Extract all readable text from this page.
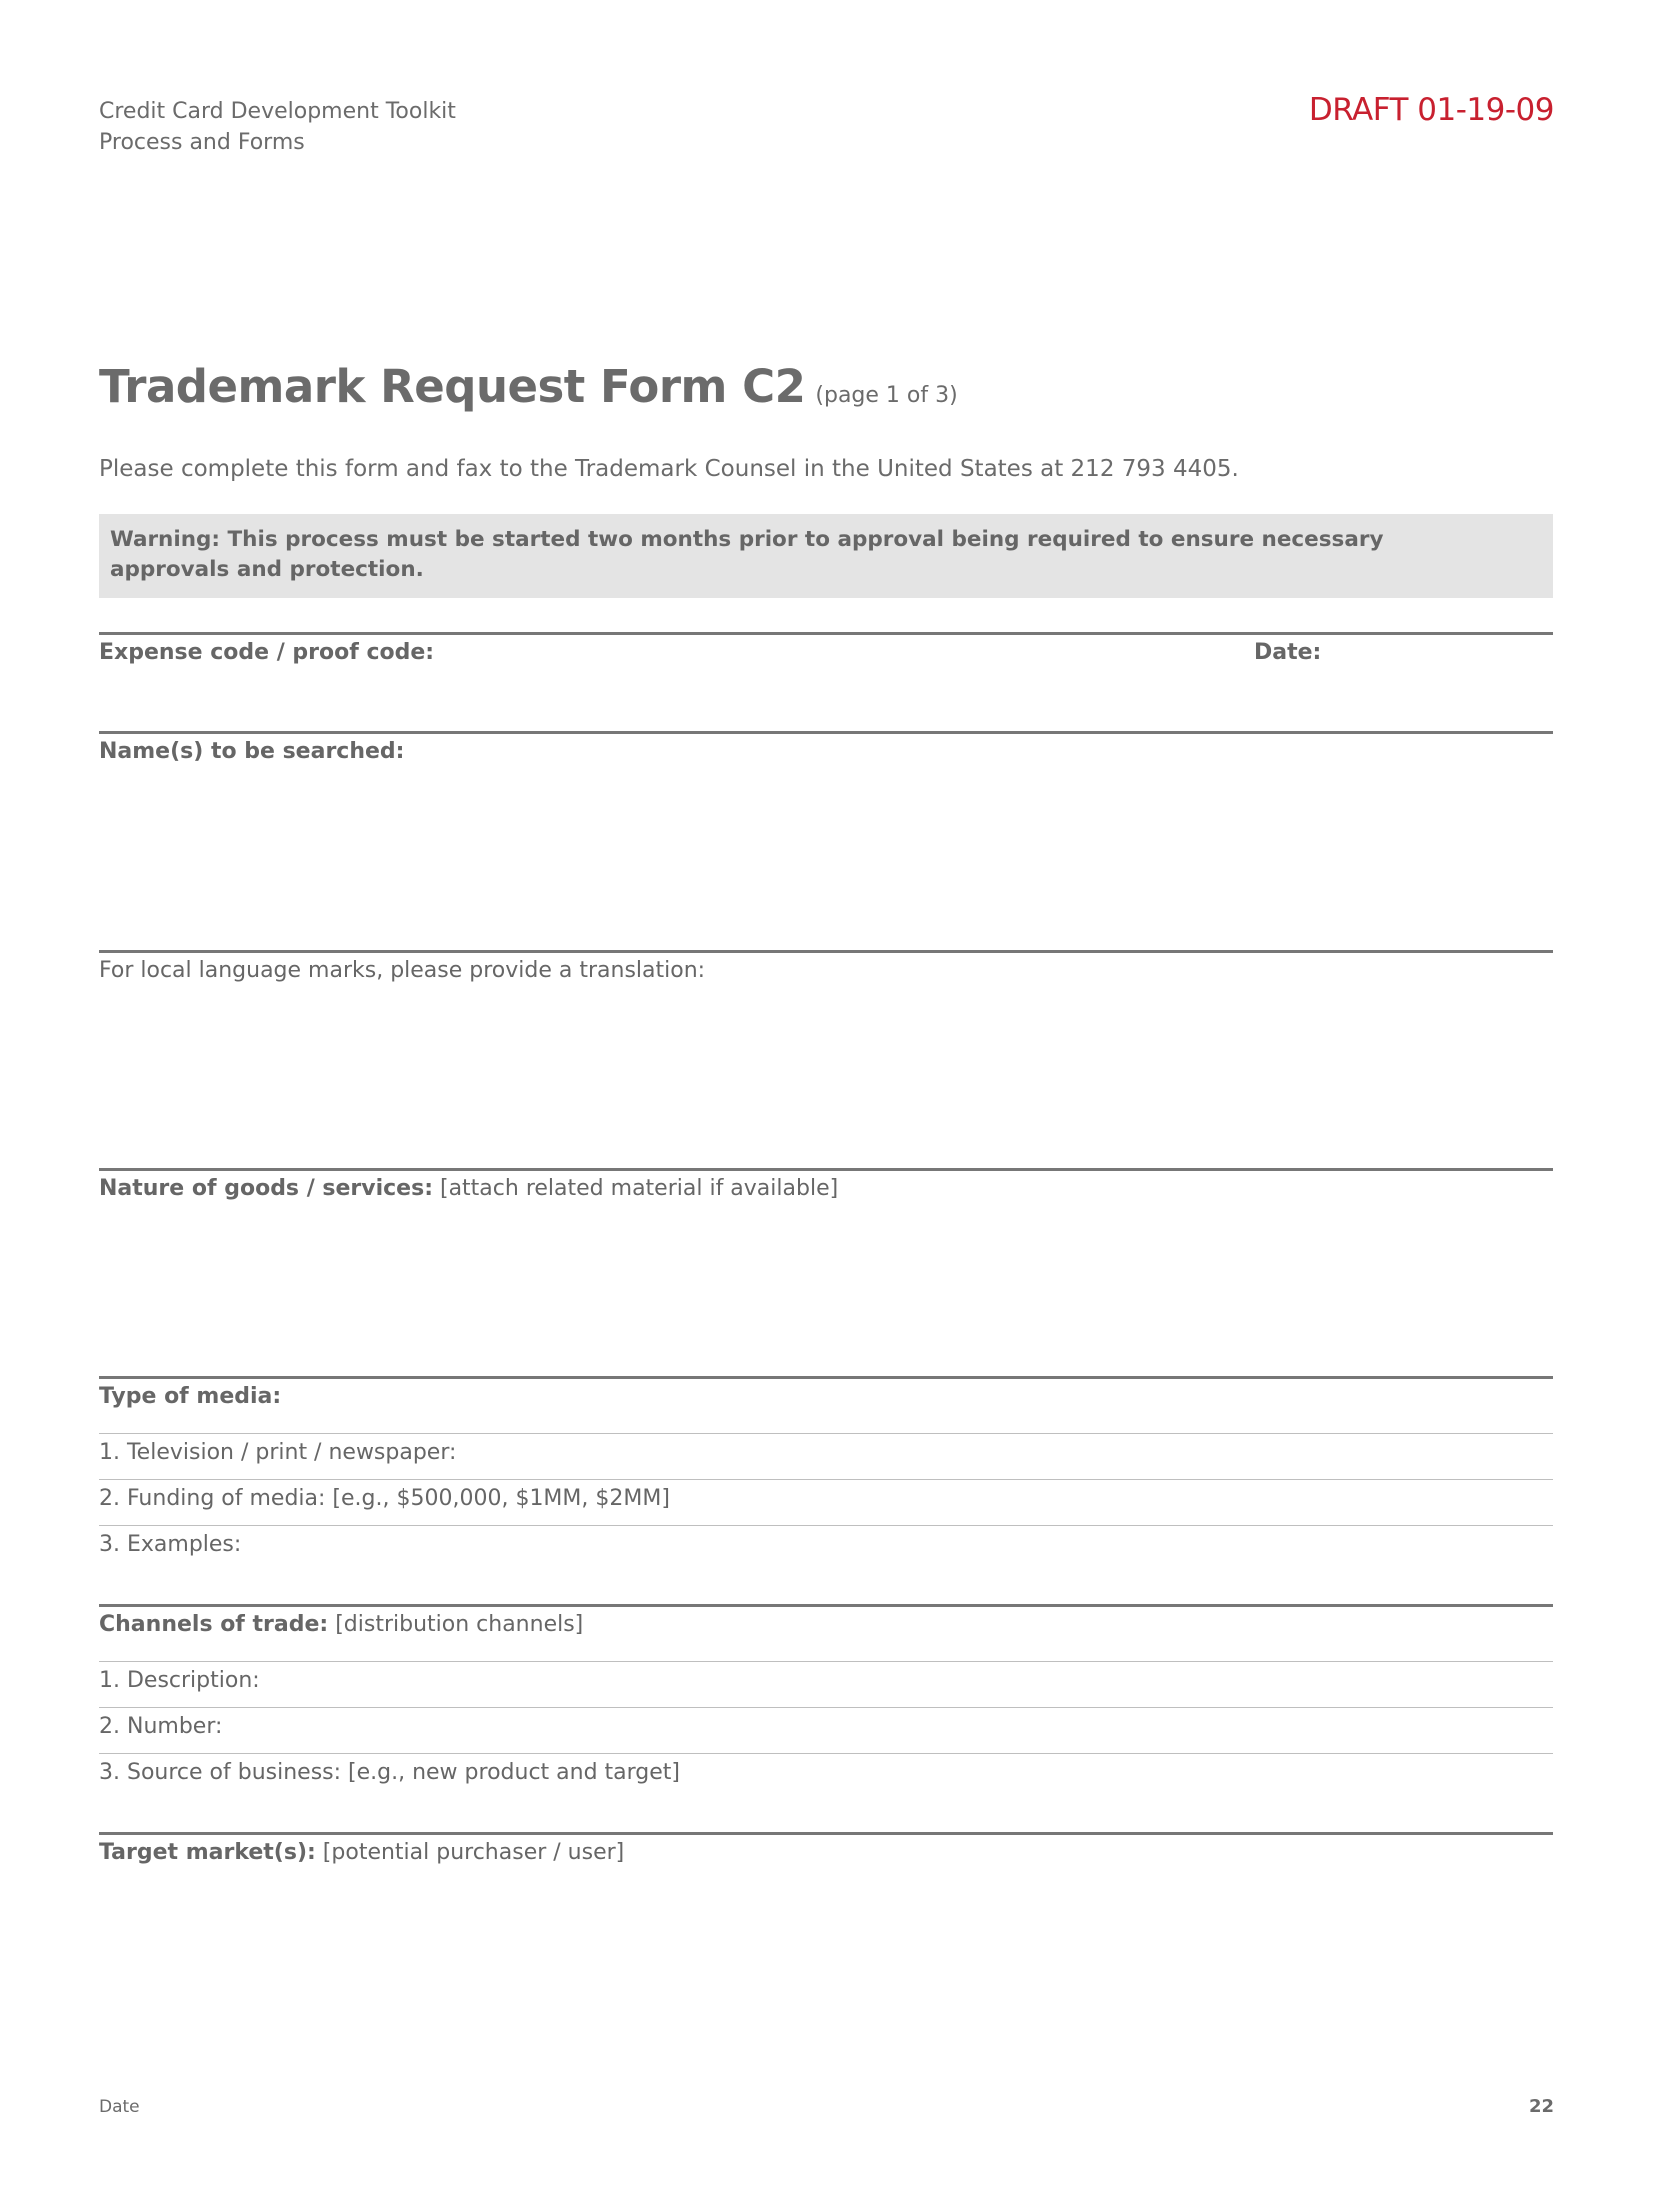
Credit Card Development Toolkit
Process and Forms
DRAFT 01-19-09
Trademark Request Form C2 (page 1 of 3)
Please complete this form and fax to the Trademark Counsel in the United States at 212 793 4405.
Warning: This process must be started two months prior to approval being required to ensure necessary
approvals and protection.
Expense code / proof code:	Date:
Name(s) to be searched:
For local language marks, please provide a translation:
Nature of goods / services: [attach related material if available]
Type of media:
1. Television / print / newspaper:
2. Funding of media: [e.g., $500,000, $1MM, $2MM]
3. Examples:
Channels of trade: [distribution channels]
1. Description:
2. Number:
3. Source of business: [e.g., new product and target]
Target market(s): [potential purchaser / user]
Date	22
